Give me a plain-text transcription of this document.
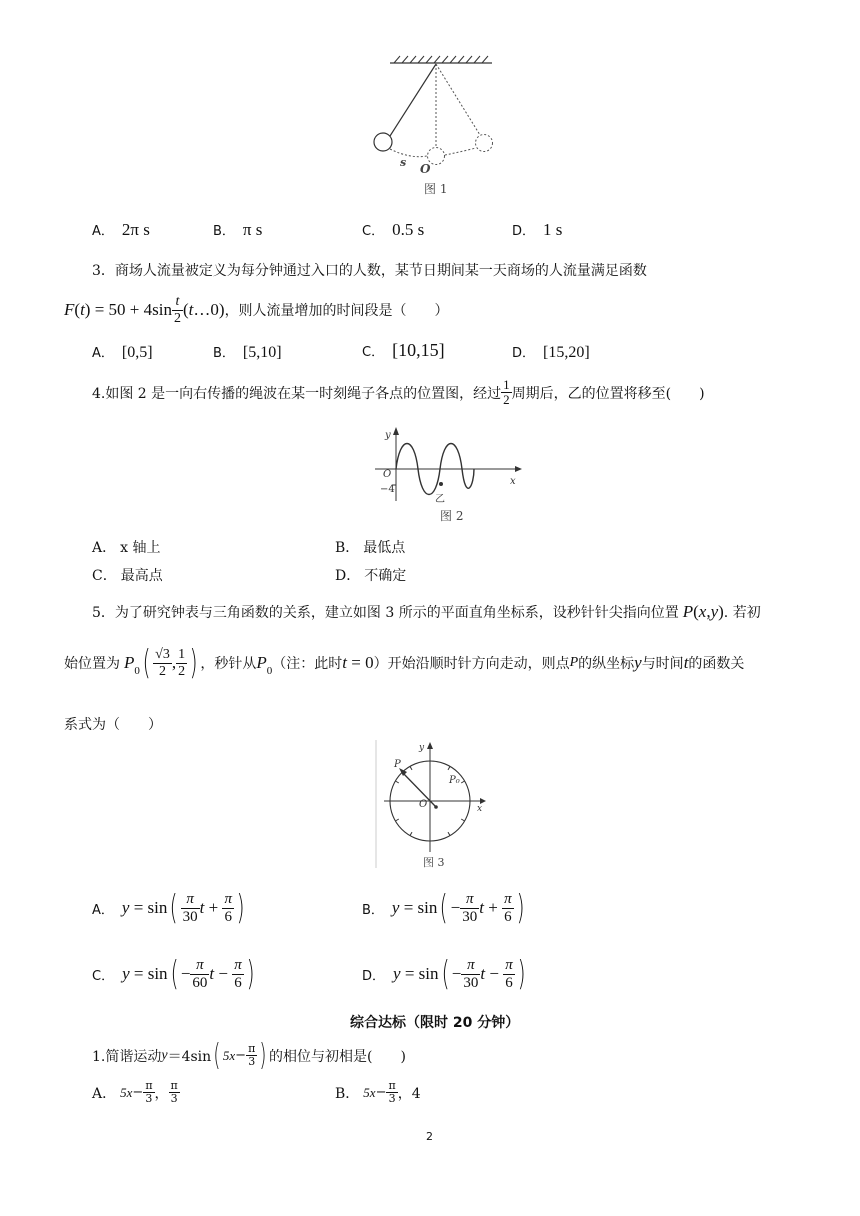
s O
图 1
A． 2π s	B． π s	C． 0.5 s	D． 1 s
3．商场人流量被定义为每分钟通过入口的人数，某节日期间某一天商场的人流量满足函数
F ( t ) = $50 + 4\sin \frac{t}{2}$ ( t …0) ，则人流量增加的时间段是（　　）
A． [0,5]	B． [5,10]	C． [10,15]	D． [15,20]
4.如图 2 是一向右传播的绳波在某一时刻绳子各点的位置图，经过 $\frac{1}{2}$ 周期后，乙的位置将移至(　　)
y
O
−4
乙
x
图 2
A． x 轴上	B． 最低点
C． 最高点	D． 不确定
5．为了研究钟表与三角函数的关系，建立如图 3 所示的平面直角坐标系，设秒针针尖指向位置 P ( x , y ) . 若初
始位置为 P 0 ( $\frac{√3}{2}$ , $\frac{1}{2}$ ) ，秒针从 P 0 （注：此时 t = 0 ）开始沿顺时针方向走动，则点 P 的纵坐标 y 与时间 t 的函数关
系式为（　　）
y
P
P₀
O	x
图 3
A． y = sin ( $\frac{\pi}{30}$ $t + \frac{\pi}{6}$ )	B． y = sin ( − $\frac{\pi}{30}$ $t + \frac{\pi}{6}$ )
C． y = sin ( − $\frac{\pi}{60}$ $t - \frac{\pi}{6}$ )	D． y = sin ( − $\frac{\pi}{30}$ $t - \frac{\pi}{6}$ )
综合达标（限时 20 分钟）
1.简谐运动 y ＝4sin ( $5x - \frac{\pi}{3}$ ) 的相位与初相是(　　)
A． $5x - \frac{\pi}{3}$ ， $\frac{\pi}{3}$	B． $5x - \frac{\pi}{3}$ ，4
2
